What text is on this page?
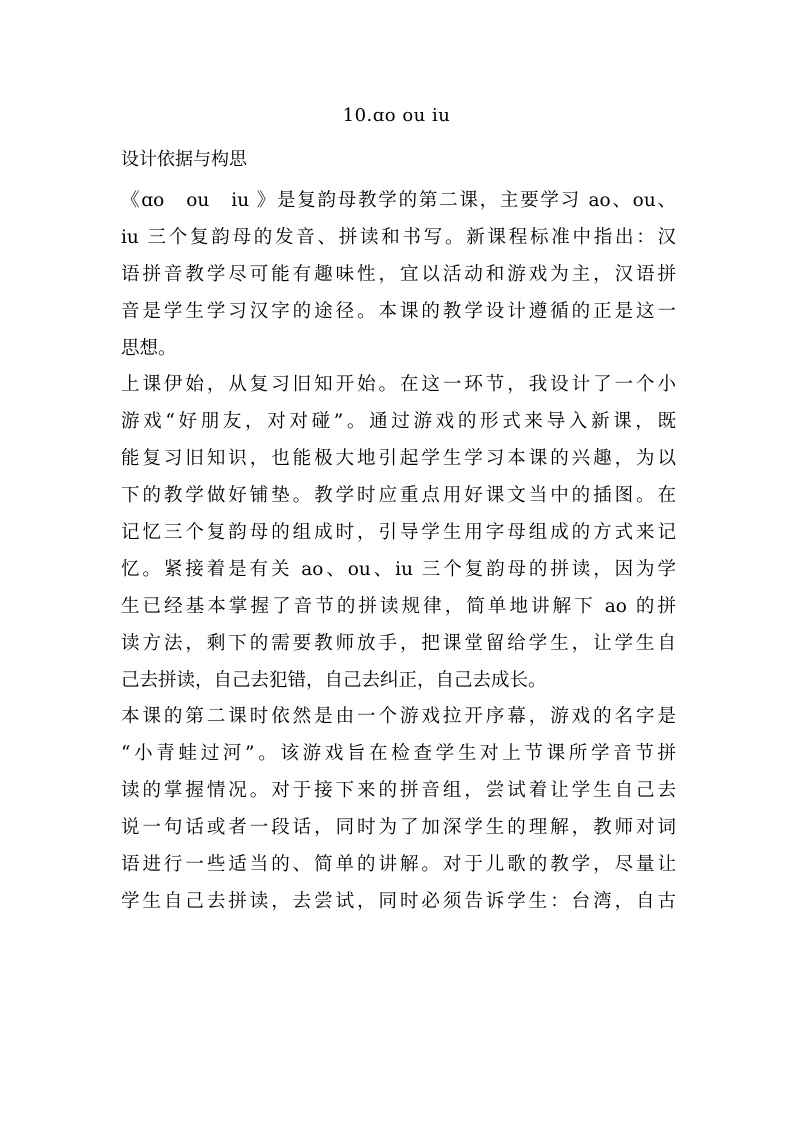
10.ɑo ou iu
设计依据与构思
《ɑo　ou　iu 》是复韵母教学的第二课，主要学习 ao、ou、
iu 三个复韵母的发音、拼读和书写。新课程标准中指出：汉
语拼音教学尽可能有趣味性，宜以活动和游戏为主，汉语拼
音是学生学习汉字的途径。本课的教学设计遵循的正是这一
思想。
上课伊始，从复习旧知开始。在这一环节，我设计了一个小
游戏“好朋友，对对碰”。通过游戏的形式来导入新课，既
能复习旧知识，也能极大地引起学生学习本课的兴趣，为以
下的教学做好铺垫。教学时应重点用好课文当中的插图。在
记忆三个复韵母的组成时，引导学生用字母组成的方式来记
忆。紧接着是有关 ao、ou、iu 三个复韵母的拼读，因为学
生已经基本掌握了音节的拼读规律，简单地讲解下 ao 的拼
读方法，剩下的需要教师放手，把课堂留给学生，让学生自
己去拼读，自己去犯错，自己去纠正，自己去成长。
本课的第二课时依然是由一个游戏拉开序幕，游戏的名字是
“小青蛙过河”。该游戏旨在检查学生对上节课所学音节拼
读的掌握情况。对于接下来的拼音组，尝试着让学生自己去
说一句话或者一段话，同时为了加深学生的理解，教师对词
语进行一些适当的、简单的讲解。对于儿歌的教学，尽量让
学生自己去拼读，去尝试，同时必须告诉学生：台湾，自古
